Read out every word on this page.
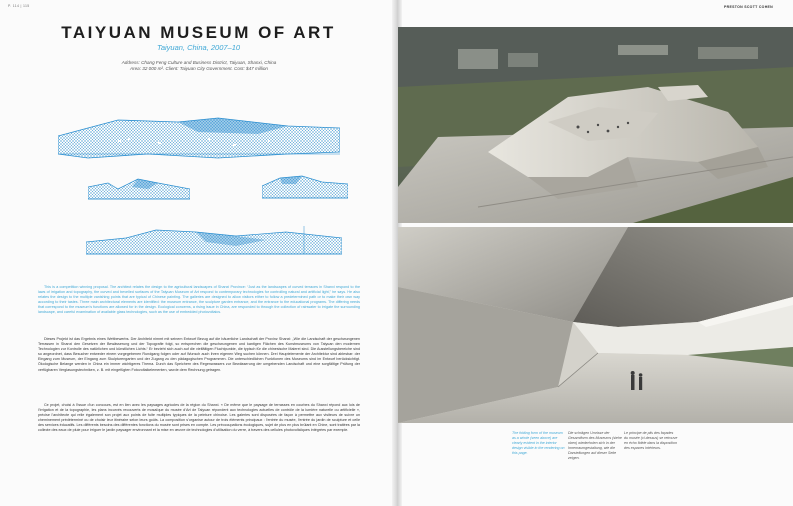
P. 114 | 115	PRESTON SCOTT COHEN
TAIYUAN MUSEUM OF ART
Taiyuan, China, 2007–10
Address: Chang Feng Culture and Business District, Taiyuan, Shanxi, China
Area: 32 000 m². Client: Taiyuan City Government. Cost: $47 million
This is a competition winning proposal. The architect relates the design to the agricultural landscapes of Shanxi Province: “Just as the landscapes of curved terraces in Shanxi respond to the laws of irrigation and topography, the curved and bevelled surfaces of the Taiyuan Museum of Art respond to contemporary technologies for controlling natural and artificial light,” he says. He also relates the design to the multiple vanishing points that are typical of Chinese painting. The galleries are designed to allow visitors either to follow a predetermined path or to make their own way according to their tastes. Three main architectural elements are identified: the museum entrance, the sculpture garden entrance, and the entrance to the educational programs. The differing needs that correspond to the museum’s functions are allowed for in the design. Ecological concerns, a rising issue in China, are responded to through the collection of rainwater to irrigate the surrounding landscape, and careful examination of available glass technologies, such as the use of embedded photovoltaics.
Dieses Projekt ist das Ergebnis eines Wettbewerbs. Der Architekt nimmt mit seinem Entwurf Bezug auf die bäuerliche Landschaft der Provinz Shanxi: „Wie die Landschaft der geschwungenen Terrassen in Shanxi den Gesetzen der Bewässerung und der Topografie folgt, so entsprechen die geschwungenen und kantigen Flächen des Kunstmuseums von Taiyuan den modernen Technologien zur Kontrolle des natürlichen und künstlichen Lichts.“ Er bezieht sich auch auf die vielfältigen Fluchtpunkte, die typisch für die chinesische Malerei sind. Die Ausstellungsbereiche sind so angeordnet, dass Besucher entweder einem vorgegebenen Rundgang folgen oder auf Wunsch auch ihren eigenen Weg suchen können. Drei Hauptelemente der Architektur sind ablesbar: der Eingang zum Museum, der Eingang zum Skulpturengarten und der Zugang zu den pädagogischen Programmen. Die unterschiedlichen Funktionen des Museums sind im Entwurf berücksichtigt. Ökologische Belange werden in China ein immer wichtigeres Thema. Durch das Speichern des Regenwassers zur Bewässerung der umgebenden Landschaft und eine sorgfältige Prüfung der verfügbaren Verglasungstechniken, z. B. mit eingefügten Fotovoltaikelementen, wurde dem Rechnung getragen.
Ce projet, choisi à l’issue d’un concours, est en lien avec les paysages agricoles de la région du Shanxi. « De même que le paysage de terrasses en courbes du Shanxi répond aux lois de l’irrigation et de la topographie, les plans incurvés recouverts de mosaïque du musée d’Art de Taiyuan répondent aux technologies actuelles de contrôle de la lumière naturelle ou artificielle », précise l’architecte qui relie également son projet aux points de fuite multiples typiques de la peinture chinoise. Les galeries sont disposées de façon à permettre aux visiteurs de suivre un cheminement prédéterminé ou de choisir leur itinéraire selon leurs goûts. La composition s’organise autour de trois éléments principaux : l’entrée du musée, l’entrée du jardin de sculpture et celle des services éducatifs. Les différents besoins des différentes fonctions du musée sont prises en compte. Les préoccupations écologiques, sujet de plus en plus brûlant en Chine, sont traitées par la collecte des eaux de pluie pour irriguer le jardin paysager environnant et la mise en œuvre de technologies d’utilisation du verre, à travers des cellules photovoltaïques intégrées par exemple.
The folding form of the museum as a whole (seen above) are clearly evident in the interior design visible in the rendering on this page.
Die schrägen Umrisse der Gesamtform des Museums (siehe oben) wiederholen sich in der Innenraumgestaltung, wie die Darstellungen auf dieser Seite zeigen.
Le principe de plis des façades du musée (ci-dessus) se retrouve en écho fidèle dans la disposition des espaces intérieurs.
